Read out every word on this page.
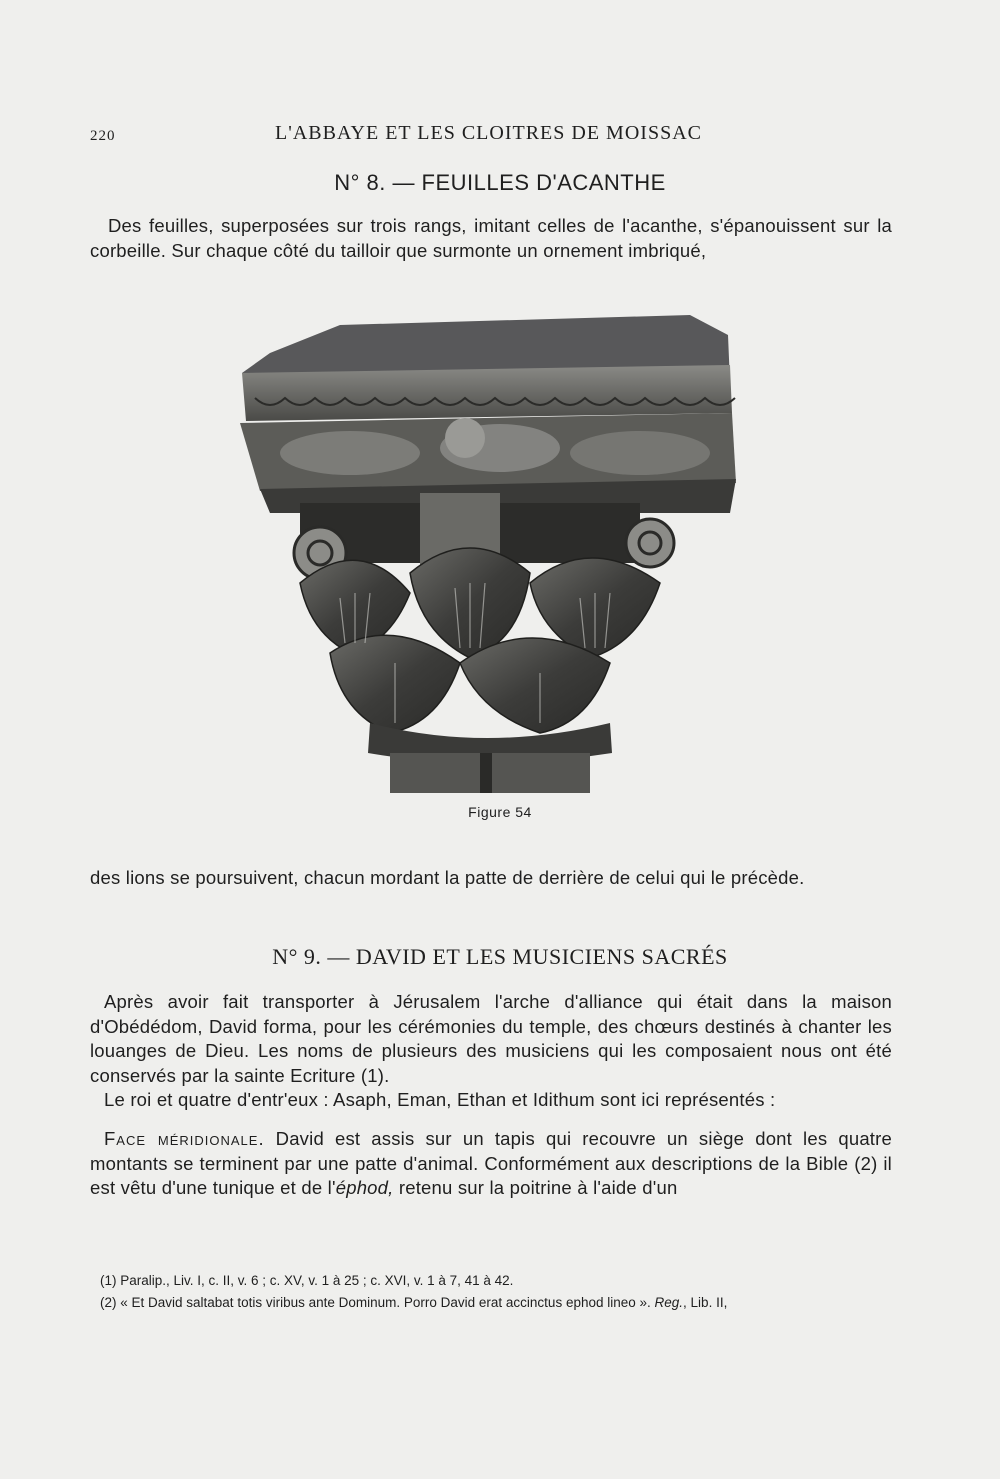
220	L'ABBAYE ET LES CLOITRES DE MOISSAC
N° 8. — FEUILLES D'ACANTHE
Des feuilles, superposées sur trois rangs, imitant celles de l'acanthe, s'épanouissent sur la corbeille. Sur chaque côté du tailloir que surmonte un ornement imbriqué,
Figure 54
des lions se poursuivent, chacun mordant la patte de derrière de celui qui le précède.
N° 9. — DAVID ET LES MUSICIENS SACRÉS
Après avoir fait transporter à Jérusalem l'arche d'alliance qui était dans la maison d'Obédédom, David forma, pour les cérémonies du temple, des chœurs destinés à chanter les louanges de Dieu. Les noms de plusieurs des musiciens qui les composaient nous ont été conservés par la sainte Ecriture (1).
Le roi et quatre d'entr'eux : Asaph, Eman, Ethan et Idithum sont ici représentés :
Face méridionale. David est assis sur un tapis qui recouvre un siège dont les quatre montants se terminent par une patte d'animal. Conformément aux descriptions de la Bible (2) il est vêtu d'une tunique et de l'éphod, retenu sur la poitrine à l'aide d'un
(1) Paralip., Liv. I, c. II, v. 6 ; c. XV, v. 1 à 25 ; c. XVI, v. 1 à 7, 41 à 42.
(2) « Et David saltabat totis viribus ante Dominum. Porro David erat accinctus ephod lineo ». Reg., Lib. II,
